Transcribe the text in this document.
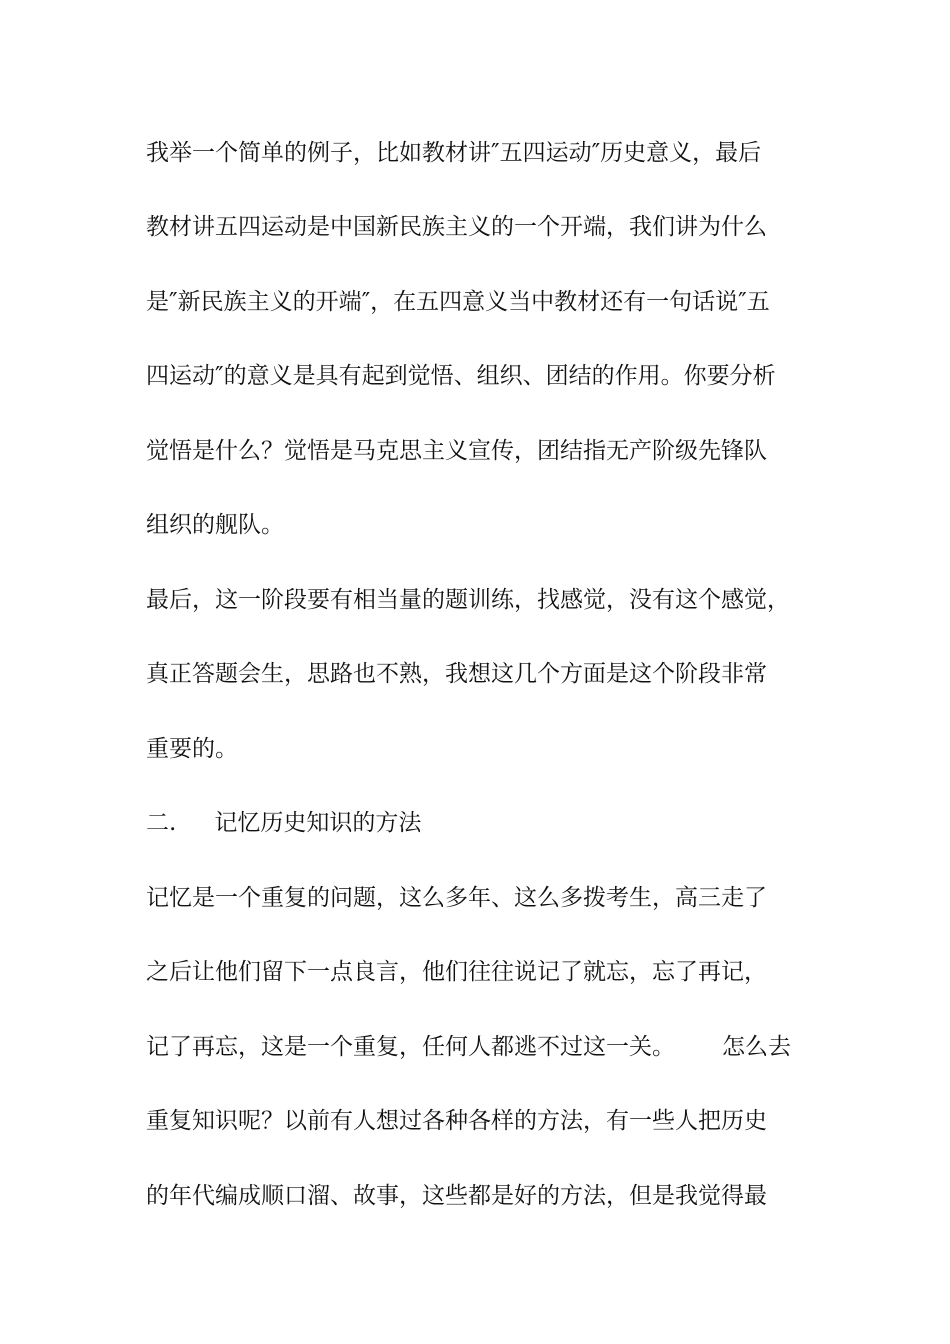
我举一个简单的例子，比如教材讲″五四运动″历史意义，最后
教材讲五四运动是中国新民族主义的一个开端，我们讲为什么
是″新民族主义的开端″，在五四意义当中教材还有一句话说″五
四运动″的意义是具有起到觉悟、组织、团结的作用。你要分析
觉悟是什么？觉悟是马克思主义宣传，团结指无产阶级先锋队
组织的舰队。
最后，这一阶段要有相当量的题训练，找感觉，没有这个感觉，
真正答题会生，思路也不熟，我想这几个方面是这个阶段非常
重要的。
二. 记忆历史知识的方法
记忆是一个重复的问题，这么多年、这么多拨考生，高三走了
之后让他们留下一点良言，他们往往说记了就忘，忘了再记，
记了再忘，这是一个重复，任何人都逃不过这一关。 怎么去
重复知识呢？以前有人想过各种各样的方法，有一些人把历史
的年代编成顺口溜、故事，这些都是好的方法，但是我觉得最
